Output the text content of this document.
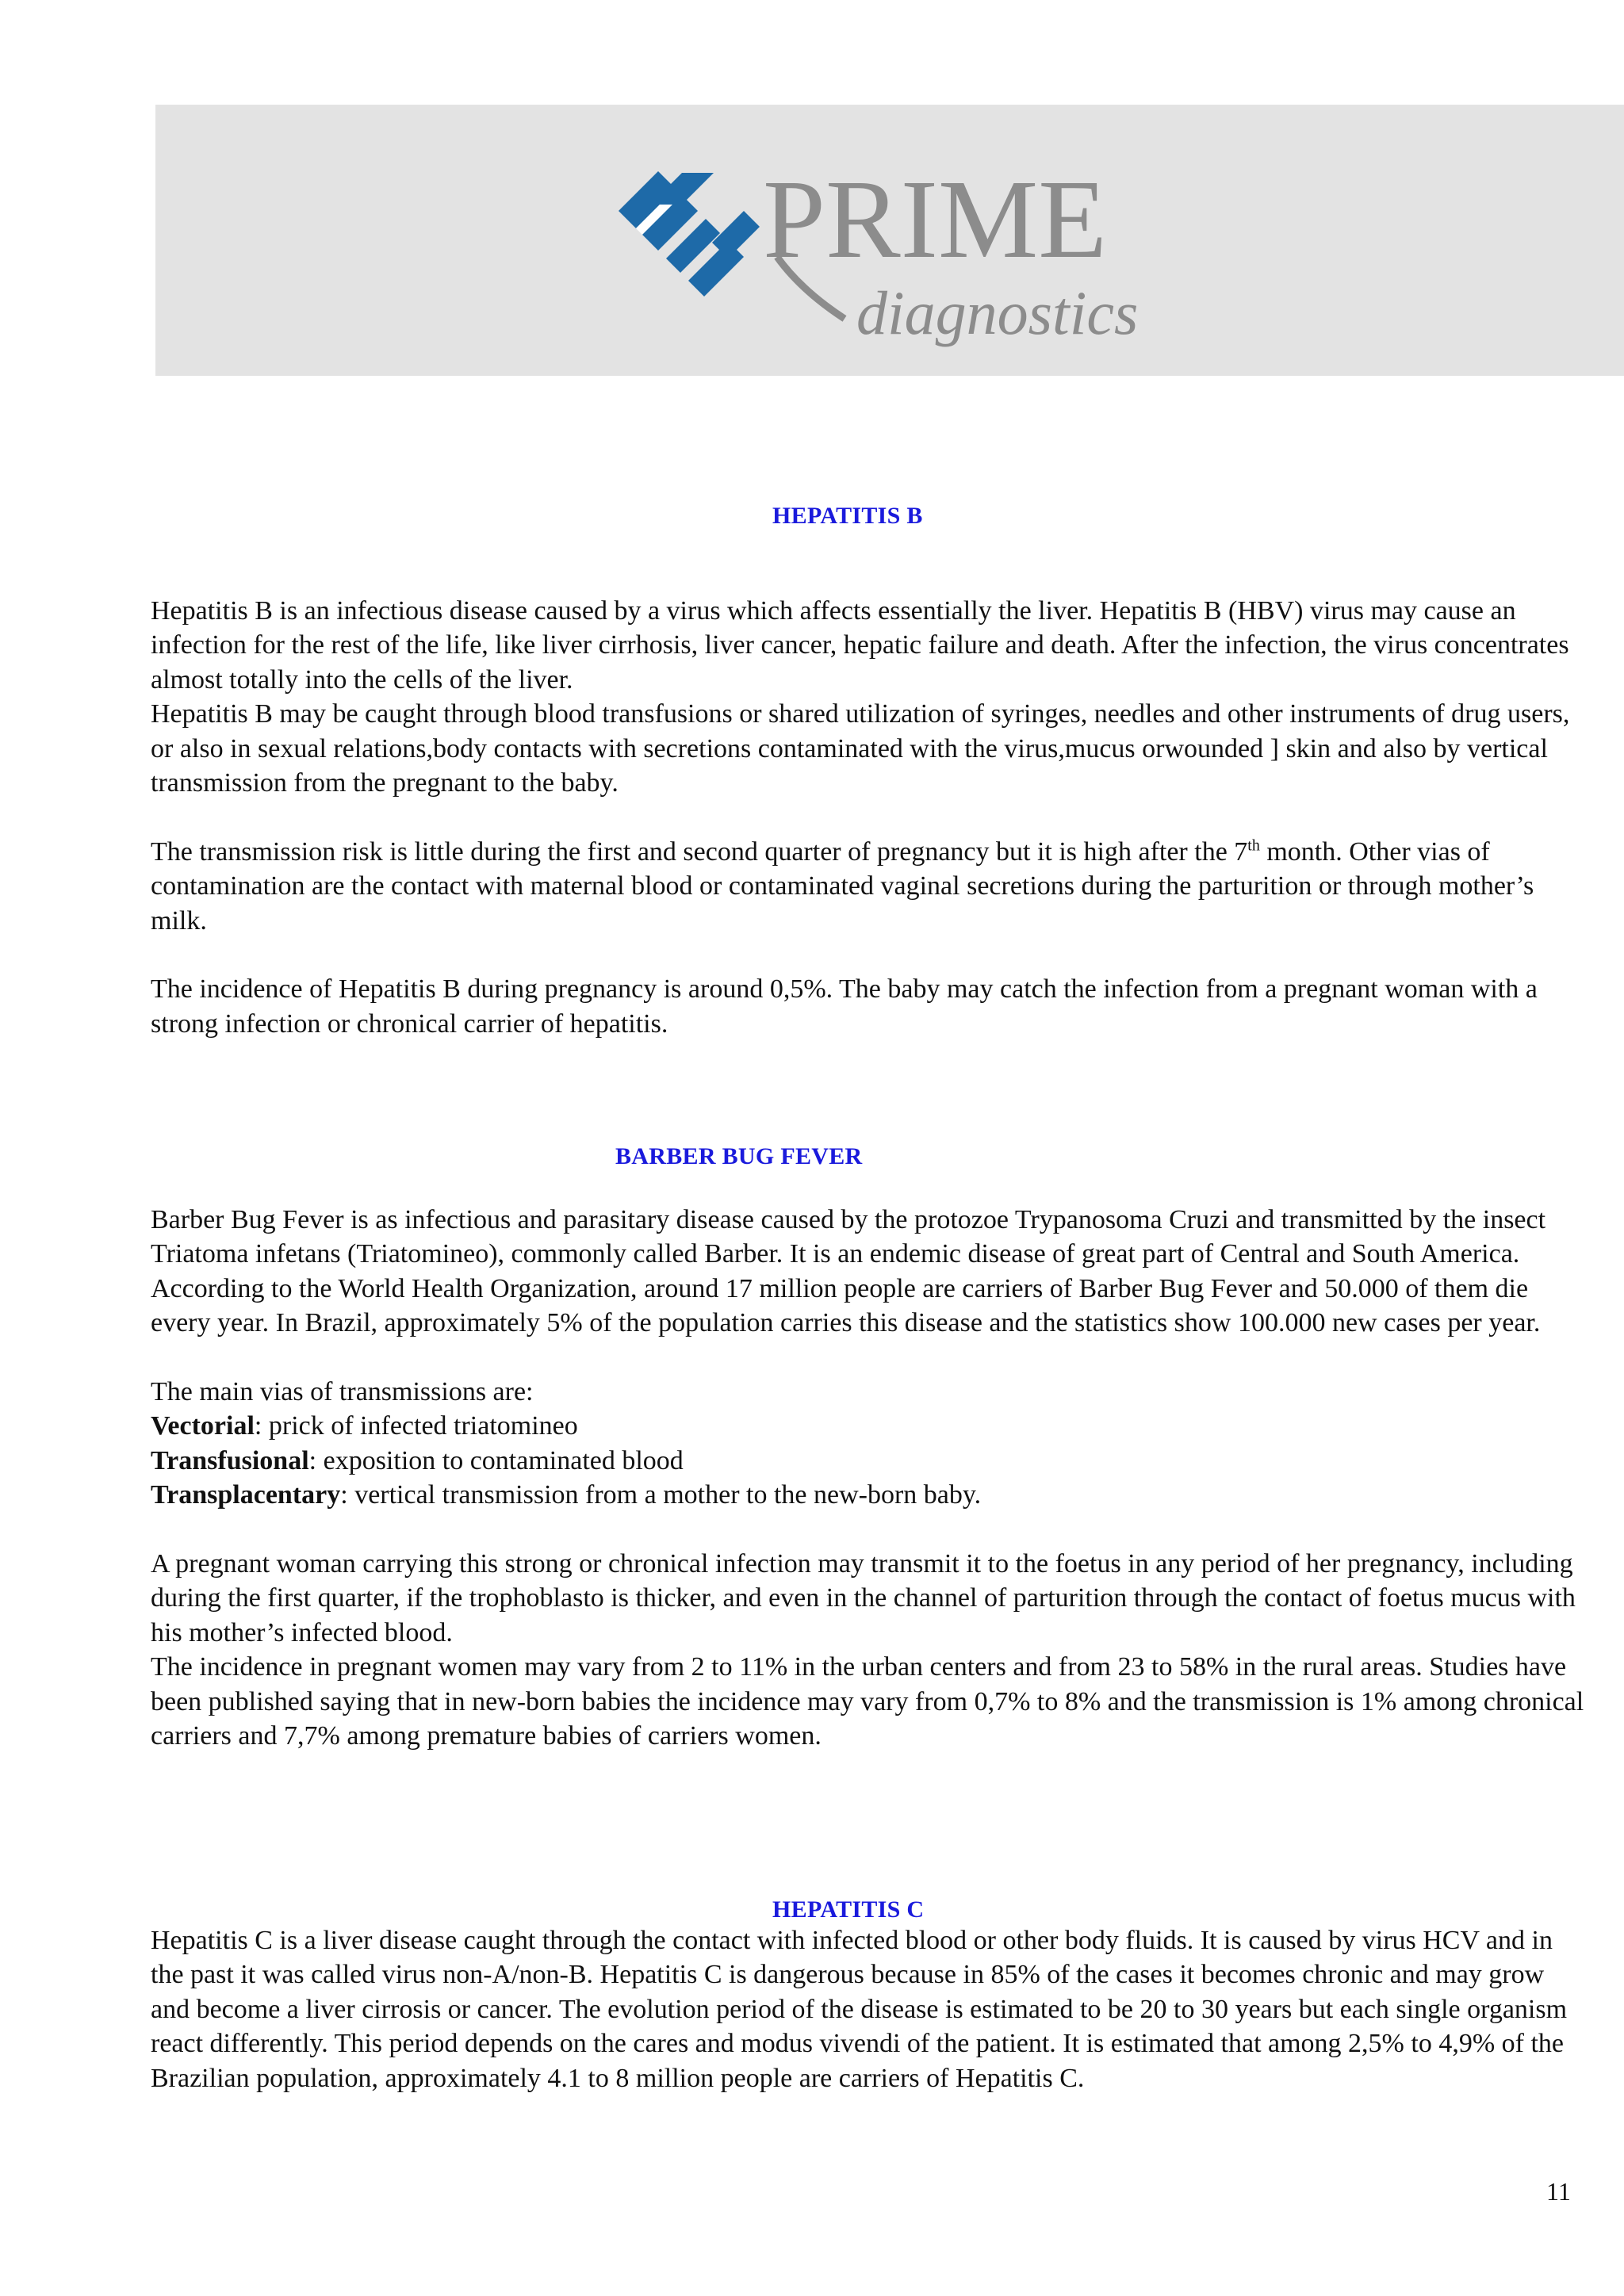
PRIME
diagnostics
HEPATITIS B

Hepatitis B is an infectious disease caused by a virus which affects essentially the liver. Hepatitis B (HBV) virus may cause an infection for the rest of the life, like liver cirrhosis, liver cancer, hepatic failure and death. After the infection, the virus concentrates almost totally into the cells of the liver.

Hepatitis B may be caught through blood transfusions or shared utilization of syringes, needles and other instruments of drug users, or also in sexual relations,body contacts with secretions contaminated with the virus,mucus orwounded ] skin and also by vertical transmission from the pregnant to the baby.

The transmission risk is little during the first and second quarter of pregnancy but it is high after the 7th month. Other vias of contamination are the contact with maternal blood or contaminated vaginal secretions during the parturition or through mother’s milk.

The incidence of Hepatitis B during pregnancy is around 0,5%. The baby may catch the infection from a pregnant woman with a strong infection or chronical carrier of hepatitis.

BARBER BUG FEVER

Barber Bug Fever is as infectious and parasitary disease caused by the protozoe Trypanosoma Cruzi and transmitted by the insect Triatoma infetans (Triatomineo), commonly called Barber. It is an endemic disease of great part of Central and South America. According to the World Health Organization, around 17 million people are carriers of Barber Bug Fever and 50.000 of them die every year. In Brazil, approximately 5% of the population carries this disease and the statistics show 100.000 new cases per year.

The main vias of transmissions are:

Vectorial: prick of infected triatomineo

Transfusional: exposition to contaminated blood

Transplacentary: vertical transmission from a mother to the new-born baby.

A pregnant woman carrying this strong or chronical infection may transmit it to the foetus in any period of her pregnancy, including during the first quarter, if the trophoblasto is thicker, and even in the channel of parturition through the contact of foetus mucus with his mother’s infected blood.

The incidence in pregnant women may vary from 2 to 11% in the urban centers and from 23 to 58% in the rural areas. Studies have been published saying that in new-born babies the incidence may vary from 0,7% to 8% and the transmission is 1% among chronical carriers and 7,7% among premature babies of carriers women.

HEPATITIS C

Hepatitis C is a liver disease caught through the contact with infected blood or other body fluids. It is caused by virus HCV and in the past it was called virus non-A/non-B. Hepatitis C is dangerous because in 85% of the cases it becomes chronic and may grow and become a liver cirrosis or cancer. The evolution period of the disease is estimated to be 20 to 30 years but each single organism react differently. This period depends on the cares and modus vivendi of the patient. It is estimated that among 2,5% to 4,9% of the Brazilian population, approximately 4.1 to 8 million people are carriers of Hepatitis C.

11
